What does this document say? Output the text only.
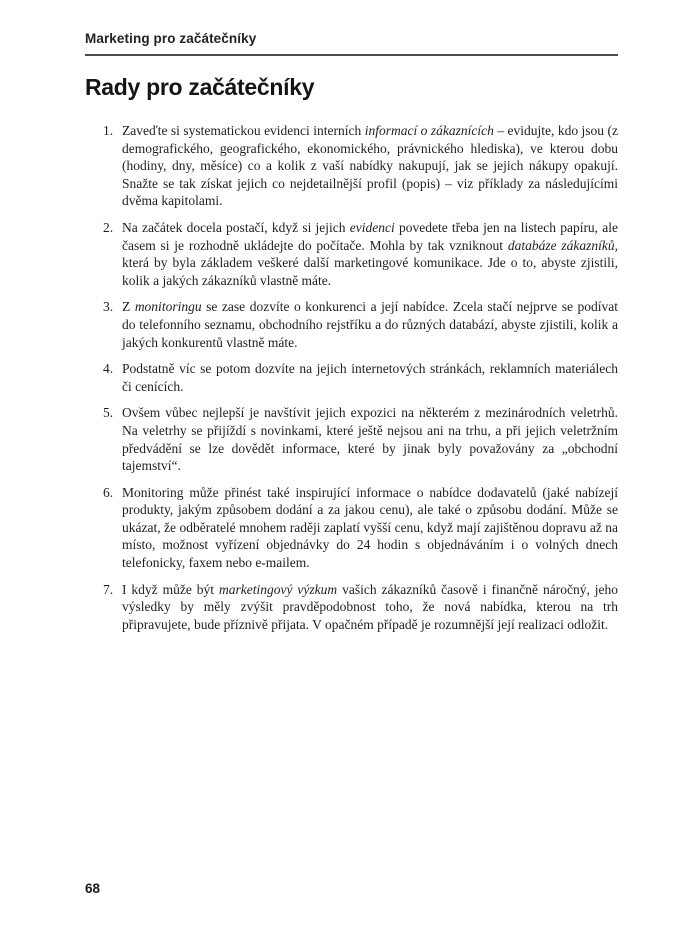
Marketing pro začátečníky
Rady pro začátečníky
1. Zaveďte si systematickou evidenci interních informací o zákaznících – evidujte, kdo jsou (z demografického, geografického, ekonomického, právnického hlediska), ve kterou dobu (hodiny, dny, měsíce) co a kolik z vaší nabídky nakupují, jak se jejich nákupy opakují. Snažte se tak získat jejich co nejdetailnější profil (popis) – viz příklady za následujícími dvěma kapitolami.

2. Na začátek docela postačí, když si jejich evidenci povedete třeba jen na listech papíru, ale časem si je rozhodně ukládejte do počítače. Mohla by tak vzniknout databáze zákazníků, která by byla základem veškeré další marketingové komunikace. Jde o to, abyste zjistili, kolik a jakých zákazníků vlastně máte.

3. Z monitoringu se zase dozvíte o konkurenci a její nabídce. Zcela stačí nejprve se podívat do telefonního seznamu, obchodního rejstříku a do různých databází, abyste zjistili, kolik a jakých konkurentů vlastně máte.

4. Podstatně víc se potom dozvíte na jejich internetových stránkách, reklamních materiálech či cenících.

5. Ovšem vůbec nejlepší je navštívit jejich expozici na některém z mezinárodních veletrhů. Na veletrhy se přijíždí s novinkami, které ještě nejsou ani na trhu, a při jejich veletržním předvádění se lze dovědět informace, které by jinak byly považovány za „obchodní tajemství“.

6. Monitoring může přinést také inspirující informace o nabídce dodavatelů (jaké nabízejí produkty, jakým způsobem dodání a za jakou cenu), ale také o způsobu dodání. Může se ukázat, že odběratelé mnohem raději zaplatí vyšší cenu, když mají zajištěnou dopravu až na místo, možnost vyřízení objednávky do 24 hodin s objednáváním i o volných dnech telefonicky, faxem nebo e-mailem.

7. I když může být marketingový výzkum vašich zákazníků časově i finančně náročný, jeho výsledky by měly zvýšit pravděpodobnost toho, že nová nabídka, kterou na trh připravujete, bude příznivě přijata. V opačném případě je rozumnější její realizaci odložit.

68
